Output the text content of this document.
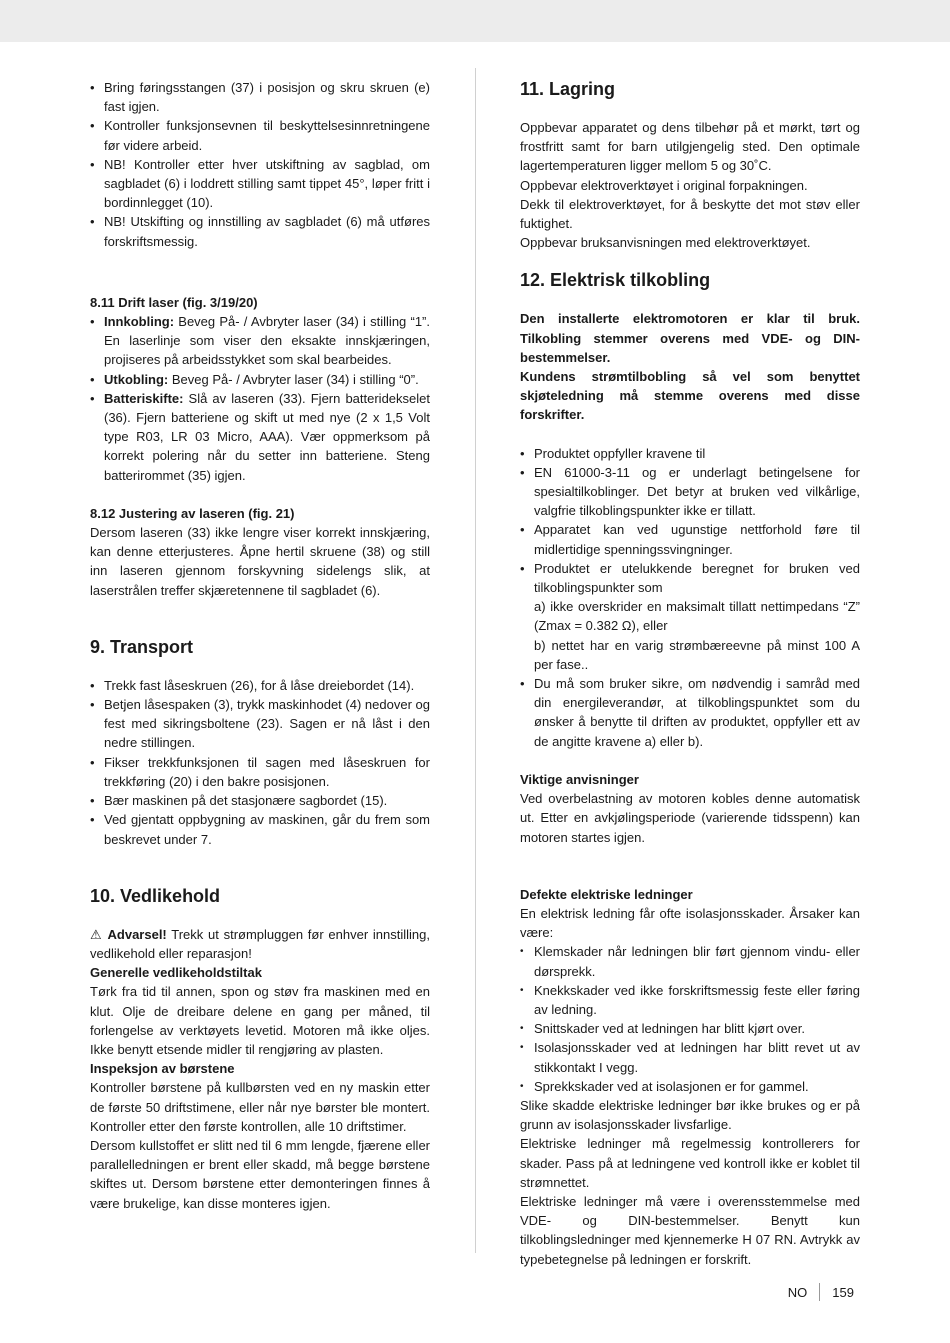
• Bring føringsstangen (37) i posisjon og skru skruen (e) fast igjen.
• Kontroller funksjonsevnen til beskyttelsesinnretningene før videre arbeid.
• NB! Kontroller etter hver utskiftning av sagblad, om sagbladet (6) i loddrett stilling samt tippet 45°, løper fritt i bordinnlegget (10).
• NB! Utskifting og innstilling av sagbladet (6) må utføres forskriftsmessig.

8.11 Drift laser (fig. 3/19/20)

• Innkobling: Beveg På- / Avbryter laser (34) i stilling “1”. En laserlinje som viser den eksakte innskjæringen, projiseres på arbeidsstykket som skal bearbeides.
• Utkobling: Beveg På- / Avbryter laser (34) i stilling “0”.
• Batteriskifte: Slå av laseren (33). Fjern batteridekselet (36). Fjern batteriene og skift ut med nye (2 x 1,5 Volt type R03, LR 03 Micro, AAA). Vær oppmerksom på korrekt polering når du setter inn batteriene. Steng batterirommet (35) igjen.

8.12 Justering av laseren (fig. 21)

Dersom laseren (33) ikke lengre viser korrekt innskjæring, kan denne etterjusteres. Åpne hertil skruene (38) og still inn laseren gjennom forskyvning sidelengs slik, at laserstrålen treffer skjæretennene til sagbladet (6).

9. Transport
• Trekk fast låseskruen (26), for å låse dreiebordet (14).
• Betjen låsespaken (3), trykk maskinhodet (4) nedover og fest med sikringsboltene (23). Sagen er nå låst i den nedre stillingen.
• Fikser trekkfunksjonen til sagen med låseskruen for trekkføring (20) i den bakre posisjonen.
• Bær maskinen på det stasjonære sagbordet (15).
• Ved gjentatt oppbygning av maskinen, går du frem som beskrevet under 7.
10. Vedlikehold

⚠ Advarsel! Trekk ut strømpluggen før enhver innstilling, vedlikehold eller reparasjon!

Generelle vedlikeholdstiltak

Tørk fra tid til annen, spon og støv fra maskinen med en klut. Olje de dreibare delene en gang per måned, til forlengelse av verktøyets levetid. Motoren må ikke oljes. Ikke benytt etsende midler til rengjøring av plasten.

Inspeksjon av børstene

Kontroller børstene på kullbørsten ved en ny maskin etter de første 50 driftstimene, eller når nye børster ble montert. Kontroller etter den første kontrollen, alle 10 driftstimer.

Dersom kullstoffet er slitt ned til 6 mm lengde, fjærene eller parallelledningen er brent eller skadd, må begge børstene skiftes ut. Dersom børstene etter demonteringen finnes å være brukelige, kan disse monteres igjen.

11. Lagring

Oppbevar apparatet og dens tilbehør på et mørkt, tørt og frostfritt samt for barn utilgjengelig sted. Den optimale lagertemperaturen ligger mellom 5 og 30˚C.

Oppbevar elektroverktøyet i original forpakningen.

Dekk til elektroverktøyet, for å beskytte det mot støv eller fuktighet.

Oppbevar bruksanvisningen med elektroverktøyet.

12. Elektrisk tilkobling

Den installerte elektromotoren er klar til bruk. Tilkobling stemmer overens med VDE- og DIN-bestemmelser.

Kundens strømtilbobling så vel som benyttet skjøteledning må stemme overens med disse forskrifter.

• Produktet oppfyller kravene til
• EN 61000-3-11 og er underlagt betingelsene for spesialtilkoblinger. Det betyr at bruken ved vilkårlige, valgfrie tilkoblingspunkter ikke er tillatt.
• Apparatet kan ved ugunstige nettforhold føre til midlertidige spenningssvingninger.
• Produktet er utelukkende beregnet for bruken ved tilkoblingspunkter som
a) ikke overskrider en maksimalt tillatt nettimpedans “Z” (Zmax = 0.382 Ω), eller
b) nettet har en varig strømbæreevne på minst 100 A per fase..
• Du må som bruker sikre, om nødvendig i samråd med din energileverandør, at tilkoblingspunktet som du ønsker å benytte til driften av produktet, oppfyller ett av de angitte kravene a) eller b).

Viktige anvisninger

Ved overbelastning av motoren kobles denne automatisk ut. Etter en avkjølingsperiode (varierende tidsspenn) kan motoren startes igjen.

Defekte elektriske ledninger

En elektrisk ledning får ofte isolasjonsskader. Årsaker kan være:

• Klemskader når ledningen blir ført gjennom vindu- eller dørsprekk.
• Knekkskader ved ikke forskriftsmessig feste eller føring av ledning.
• Snittskader ved at ledningen har blitt kjørt over.
• Isolasjonsskader ved at ledningen har blitt revet ut av stikkontakt I vegg.
• Sprekkskader ved at isolasjonen er for gammel.

Slike skadde elektriske ledninger bør ikke brukes og er på grunn av isolasjonsskader livsfarlige.

Elektriske ledninger må regelmessig kontrollerers for skader. Pass på at ledningene ved kontroll ikke er koblet til strømnettet.

Elektriske ledninger må være i overensstemmelse med VDE- og DIN-bestemmelser. Benytt kun tilkoblingsledninger med kjennemerke H 07 RN. Avtrykk av typebetegnelse på ledningen er forskrift.

NO 159
